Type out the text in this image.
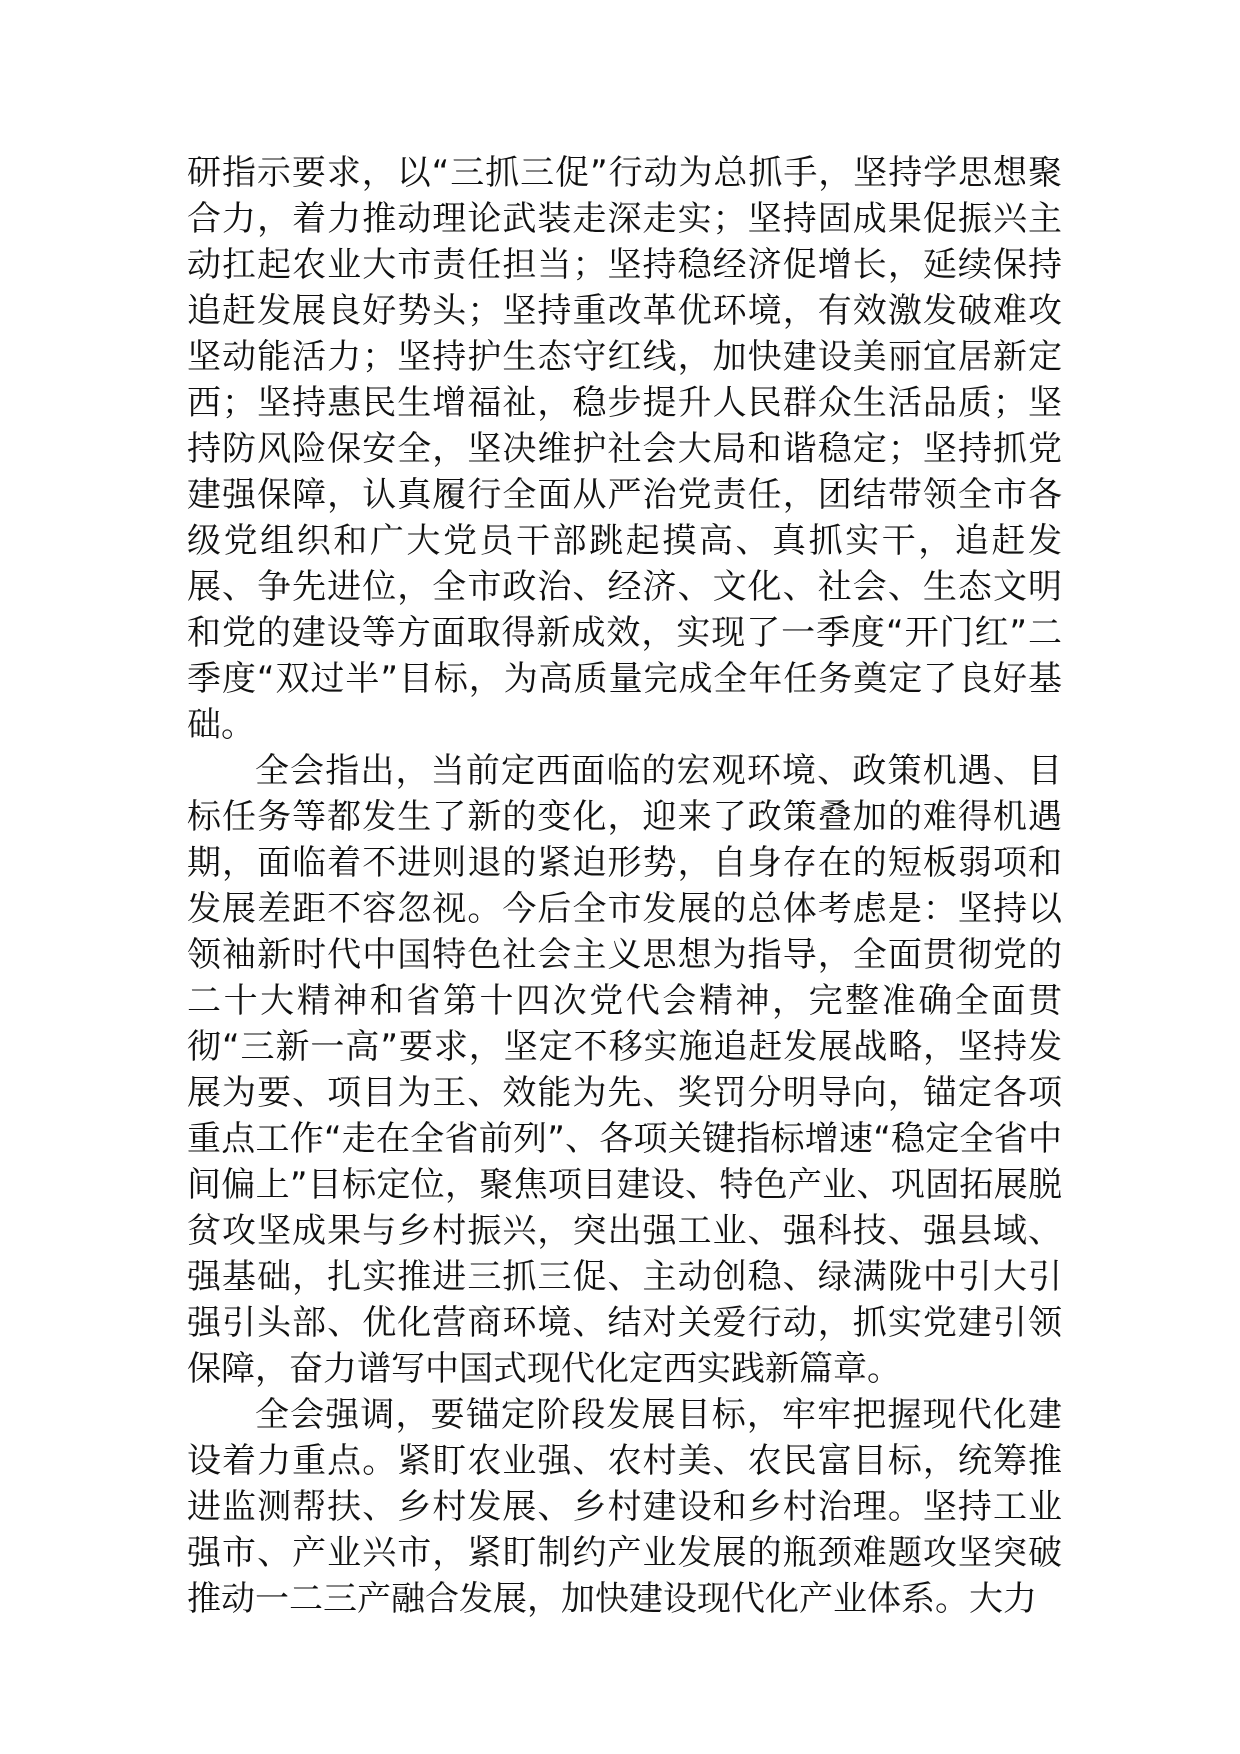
研指示要求，以“三抓三促”行动为总抓手，坚持学思想聚合力，着力推动理论武装走深走实；坚持固成果促振兴主动扛起农业大市责任担当；坚持稳经济促增长，延续保持追赶发展良好势头；坚持重改革优环境，有效激发破难攻坚动能活力；坚持护生态守红线，加快建设美丽宜居新定西；坚持惠民生增福祉，稳步提升人民群众生活品质；坚持防风险保安全，坚决维护社会大局和谐稳定；坚持抓党建强保障，认真履行全面从严治党责任，团结带领全市各级党组织和广大党员干部跳起摸高、真抓实干，追赶发展、争先进位，全市政治、经济、文化、社会、生态文明和党的建设等方面取得新成效，实现了一季度“开门红”二季度“双过半”目标，为高质量完成全年任务奠定了良好基础。

全会指出，当前定西面临的宏观环境、政策机遇、目标任务等都发生了新的变化，迎来了政策叠加的难得机遇期，面临着不进则退的紧迫形势，自身存在的短板弱项和发展差距不容忽视。今后全市发展的总体考虑是：坚持以领袖新时代中国特色社会主义思想为指导，全面贯彻党的二十大精神和省第十四次党代会精神，完整准确全面贯彻“三新一高”要求，坚定不移实施追赶发展战略，坚持发展为要、项目为王、效能为先、奖罚分明导向，锚定各项重点工作“走在全省前列”、各项关键指标增速“稳定全省中间偏上”目标定位，聚焦项目建设、特色产业、巩固拓展脱贫攻坚成果与乡村振兴，突出强工业、强科技、强县域、强基础，扎实推进三抓三促、主动创稳、绿满陇中引大引强引头部、优化营商环境、结对关爱行动，抓实党建引领保障，奋力谱写中国式现代化定西实践新篇章。

全会强调，要锚定阶段发展目标，牢牢把握现代化建设着力重点。紧盯农业强、农村美、农民富目标，统筹推进监测帮扶、乡村发展、乡村建设和乡村治理。坚持工业强市、产业兴市，紧盯制约产业发展的瓶颈难题攻坚突破推动一二三产融合发展，加快建设现代化产业体系。大力
